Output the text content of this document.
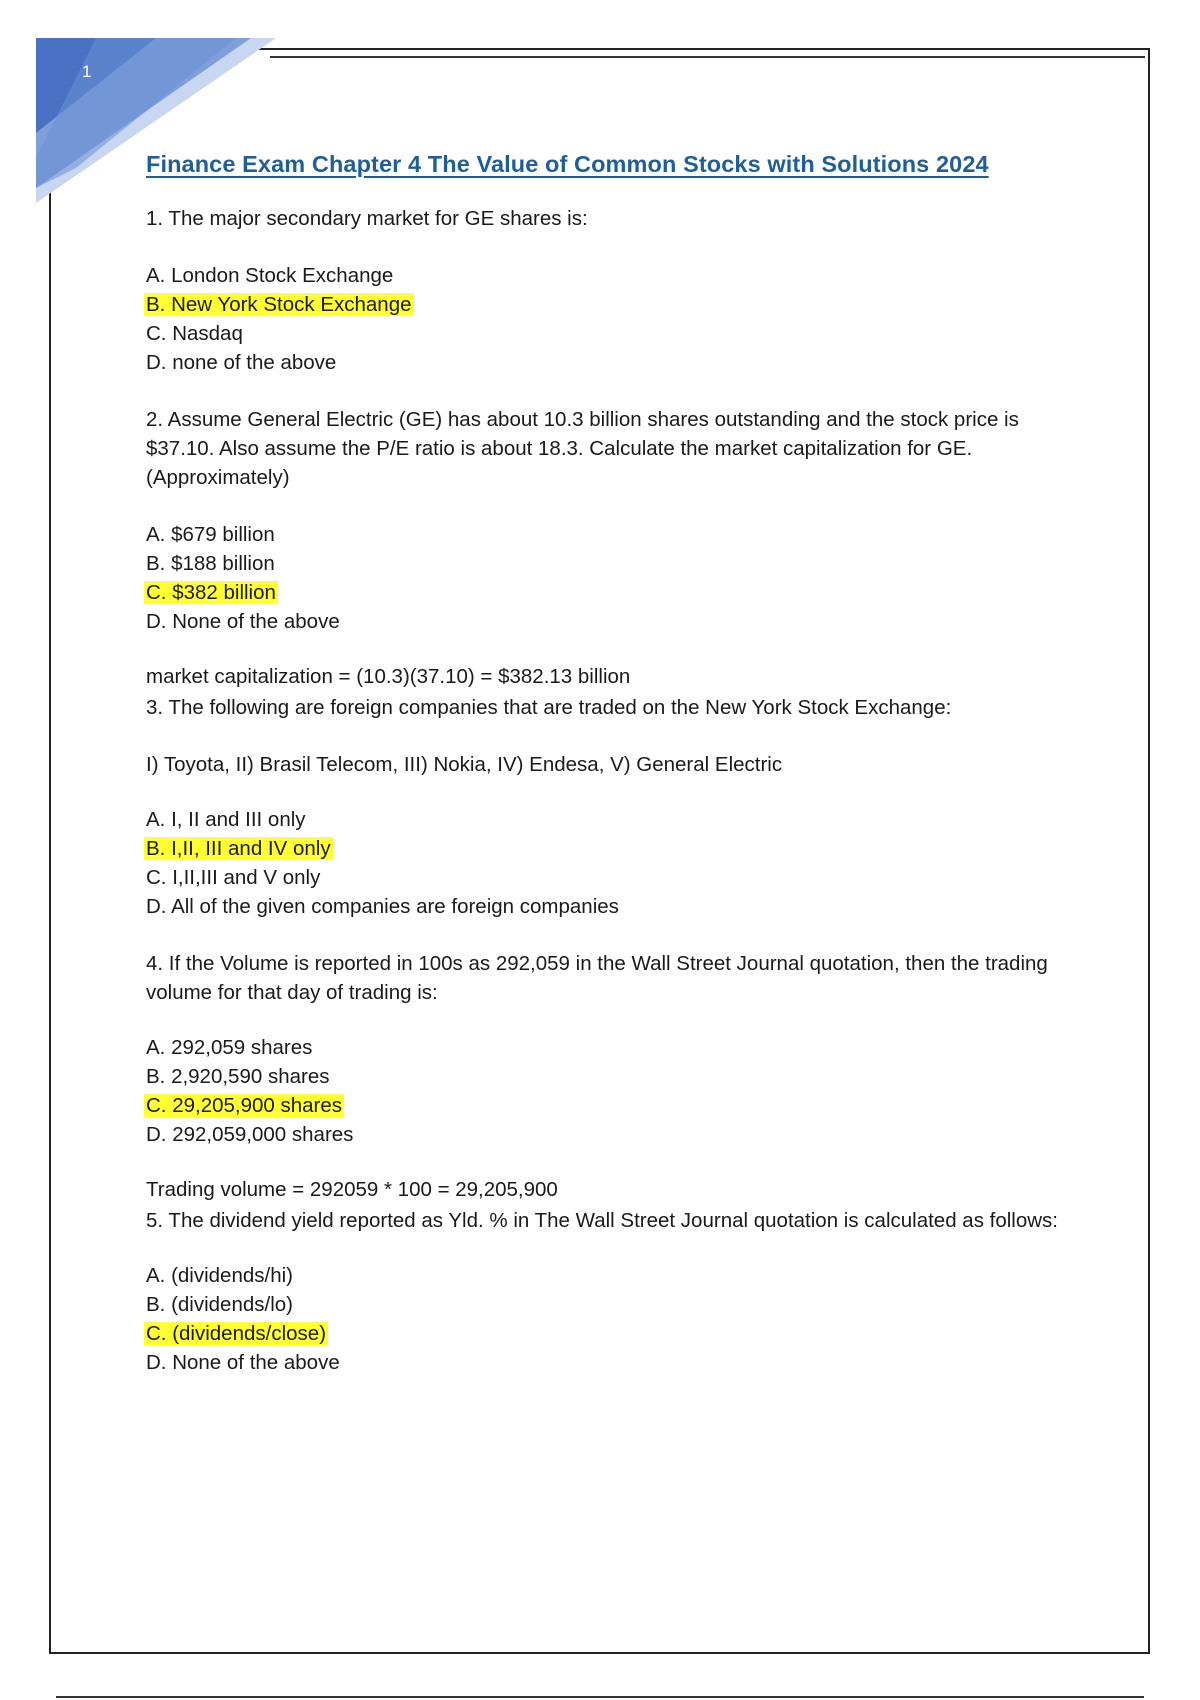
1
Finance Exam Chapter 4 The Value of Common Stocks with Solutions 2024

1. The major secondary market for GE shares is:

A. London Stock Exchange
B. New York Stock Exchange
C. Nasdaq
D. none of the above

2. Assume General Electric (GE) has about 10.3 billion shares outstanding and the stock price is $37.10. Also assume the P/E ratio is about 18.3. Calculate the market capitalization for GE. (Approximately)

A. $679 billion
B. $188 billion
C. $382 billion
D. None of the above

market capitalization = (10.3)(37.10) = $382.13 billion

3. The following are foreign companies that are traded on the New York Stock Exchange:

I) Toyota, II) Brasil Telecom, III) Nokia, IV) Endesa, V) General Electric

A. I, II and III only
B. I,II, III and IV only
C. I,II,III and V only
D. All of the given companies are foreign companies

4. If the Volume is reported in 100s as 292,059 in the Wall Street Journal quotation, then the trading volume for that day of trading is:

A. 292,059 shares
B. 2,920,590 shares
C. 29,205,900 shares
D. 292,059,000 shares

Trading volume = 292059 * 100 = 29,205,900

5. The dividend yield reported as Yld. % in The Wall Street Journal quotation is calculated as follows:

A. (dividends/hi)
B. (dividends/lo)
C. (dividends/close)
D. None of the above
